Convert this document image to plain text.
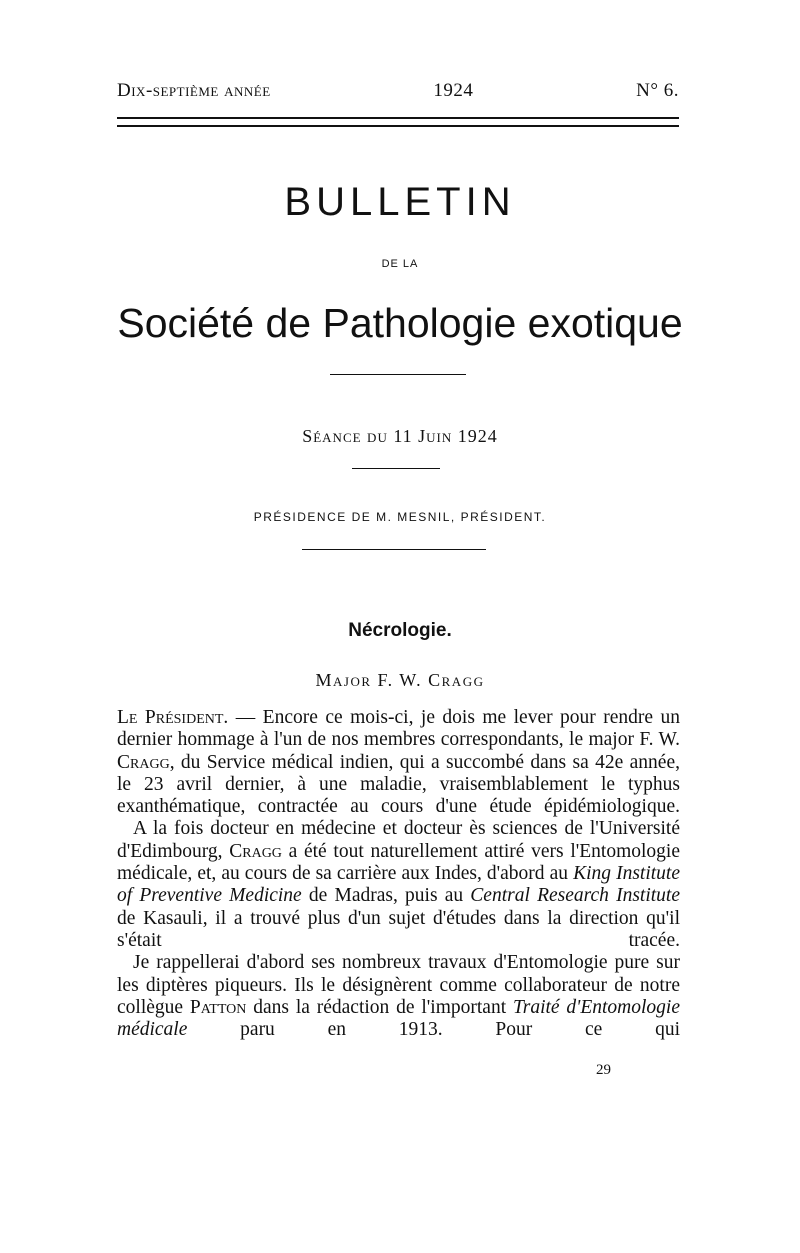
Dix-septième année	1924	N° 6.
BULLETIN
DE LA
Société de Pathologie exotique
Séance du 11 Juin 1924
PRÉSIDENCE DE M. MESNIL, PRÉSIDENT.
Nécrologie.
Major F. W. Cragg

Le Président. — Encore ce mois-ci, je dois me lever pour rendre un dernier hommage à l'un de nos membres correspondants, le major F. W. Cragg, du Service médical indien, qui a succombé dans sa 42e année, le 23 avril dernier, à une maladie, vraisemblablement le typhus exanthématique, contractée au cours d'une étude épidémiologique.

A la fois docteur en médecine et docteur ès sciences de l'Université d'Edimbourg, Cragg a été tout naturellement attiré vers l'Entomologie médicale, et, au cours de sa carrière aux Indes, d'abord au King Institute of Preventive Medicine de Madras, puis au Central Research Institute de Kasauli, il a trouvé plus d'un sujet d'études dans la direction qu'il s'était tracée.

Je rappellerai d'abord ses nombreux travaux d'Entomologie pure sur les diptères piqueurs. Ils le désignèrent comme collaborateur de notre collègue Patton dans la rédaction de l'important Traité d'Entomologie médicale paru en 1913. Pour ce qui

29
